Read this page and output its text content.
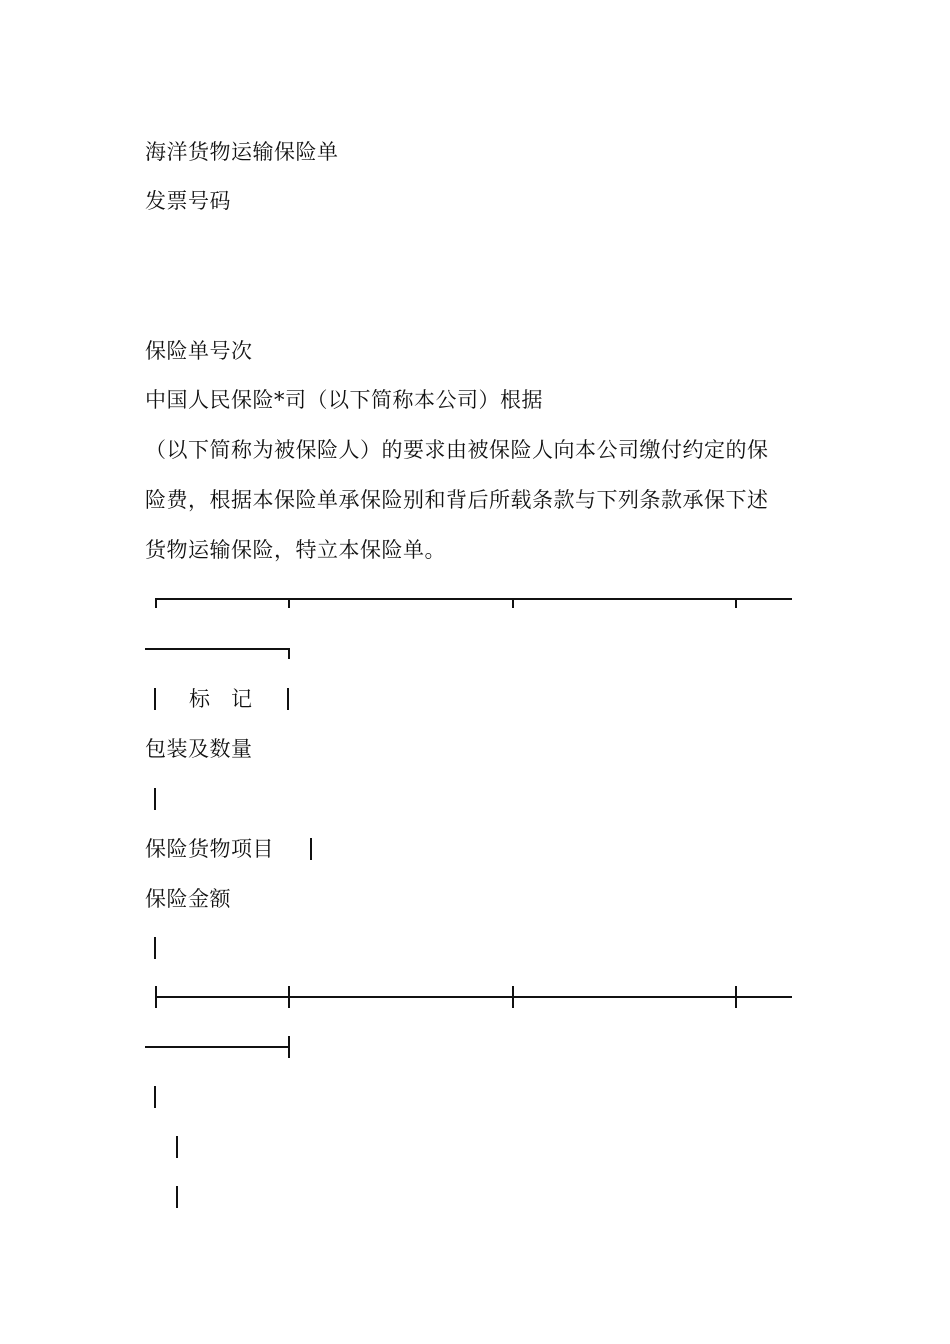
海洋货物运输保险单
发票号码
保险单号次
中国人民保险*司（以下简称本公司）根据
（以下简称为被保险人）的要求由被保险人向本公司缴付约定的保
险费，根据本保险单承保险别和背后所载条款与下列条款承保下述
货物运输保险，特立本保险单。
标　记
包装及数量
保险货物项目
保险金额
